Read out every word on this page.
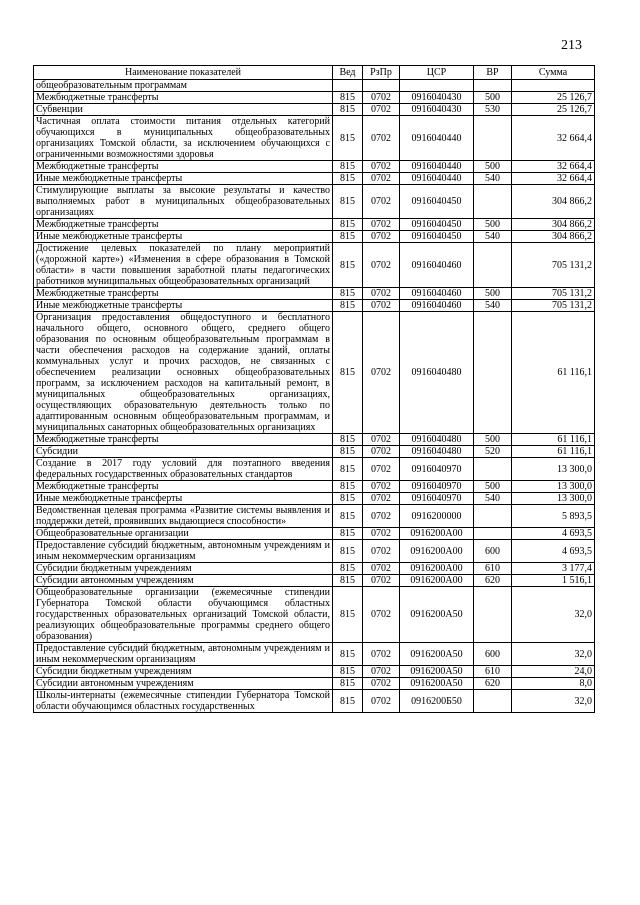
213
Наименование показателей	Вед	РзПр	ЦСР	ВР	Сумма
общеобразовательным программам					
Межбюджетные трансферты	815	0702	0916040430	500	25 126,7
Субвенции	815	0702	0916040430	530	25 126,7
Частичная оплата стоимости питания отдельных категорий обучающихся в муниципальных общеобразовательных организациях Томской области, за исключением обучающихся с ограниченными возможностями здоровья	815	0702	0916040440		32 664,4
Межбюджетные трансферты	815	0702	0916040440	500	32 664,4
Иные межбюджетные трансферты	815	0702	0916040440	540	32 664,4
Стимулирующие выплаты за высокие результаты и качество выполняемых работ в муниципальных общеобразовательных организациях	815	0702	0916040450		304 866,2
Межбюджетные трансферты	815	0702	0916040450	500	304 866,2
Иные межбюджетные трансферты	815	0702	0916040450	540	304 866,2
Достижение целевых показателей по плану мероприятий («дорожной карте») «Изменения в сфере образования в Томской области» в части повышения заработной платы педагогических работников муниципальных общеобразовательных организаций	815	0702	0916040460		705 131,2
Межбюджетные трансферты	815	0702	0916040460	500	705 131,2
Иные межбюджетные трансферты	815	0702	0916040460	540	705 131,2
Организация предоставления общедоступного и бесплатного начального общего, основного общего, среднего общего образования по основным общеобразовательным программам в части обеспечения расходов на содержание зданий, оплаты коммунальных услуг и прочих расходов, не связанных с обеспечением реализации основных общеобразовательных программ, за исключением расходов на капитальный ремонт, в муниципальных общеобразовательных организациях, осуществляющих образовательную деятельность только по адаптированным основным общеобразовательным программам, и муниципальных санаторных общеобразовательных организациях	815	0702	0916040480		61 116,1
Межбюджетные трансферты	815	0702	0916040480	500	61 116,1
Субсидии	815	0702	0916040480	520	61 116,1
Создание в 2017 году условий для поэтапного введения федеральных государственных образовательных стандартов	815	0702	0916040970		13 300,0
Межбюджетные трансферты	815	0702	0916040970	500	13 300,0
Иные межбюджетные трансферты	815	0702	0916040970	540	13 300,0
Ведомственная целевая программа «Развитие системы выявления и поддержки детей, проявивших выдающиеся способности»	815	0702	0916200000		5 893,5
Общеобразовательные организации	815	0702	0916200А00		4 693,5
Предоставление субсидий бюджетным, автономным учреждениям и иным некоммерческим организациям	815	0702	0916200А00	600	4 693,5
Субсидии бюджетным учреждениям	815	0702	0916200А00	610	3 177,4
Субсидии автономным учреждениям	815	0702	0916200А00	620	1 516,1
Общеобразовательные организации (ежемесячные стипендии Губернатора Томской области обучающимся областных государственных образовательных организаций Томской области, реализующих общеобразовательные программы среднего общего образования)	815	0702	0916200А50		32,0
Предоставление субсидий бюджетным, автономным учреждениям и иным некоммерческим организациям	815	0702	0916200А50	600	32,0
Субсидии бюджетным учреждениям	815	0702	0916200А50	610	24,0
Субсидии автономным учреждениям	815	0702	0916200А50	620	8,0
Школы-интернаты (ежемесячные стипендии Губернатора Томской области обучающимся областных государственных	815	0702	0916200Б50		32,0
